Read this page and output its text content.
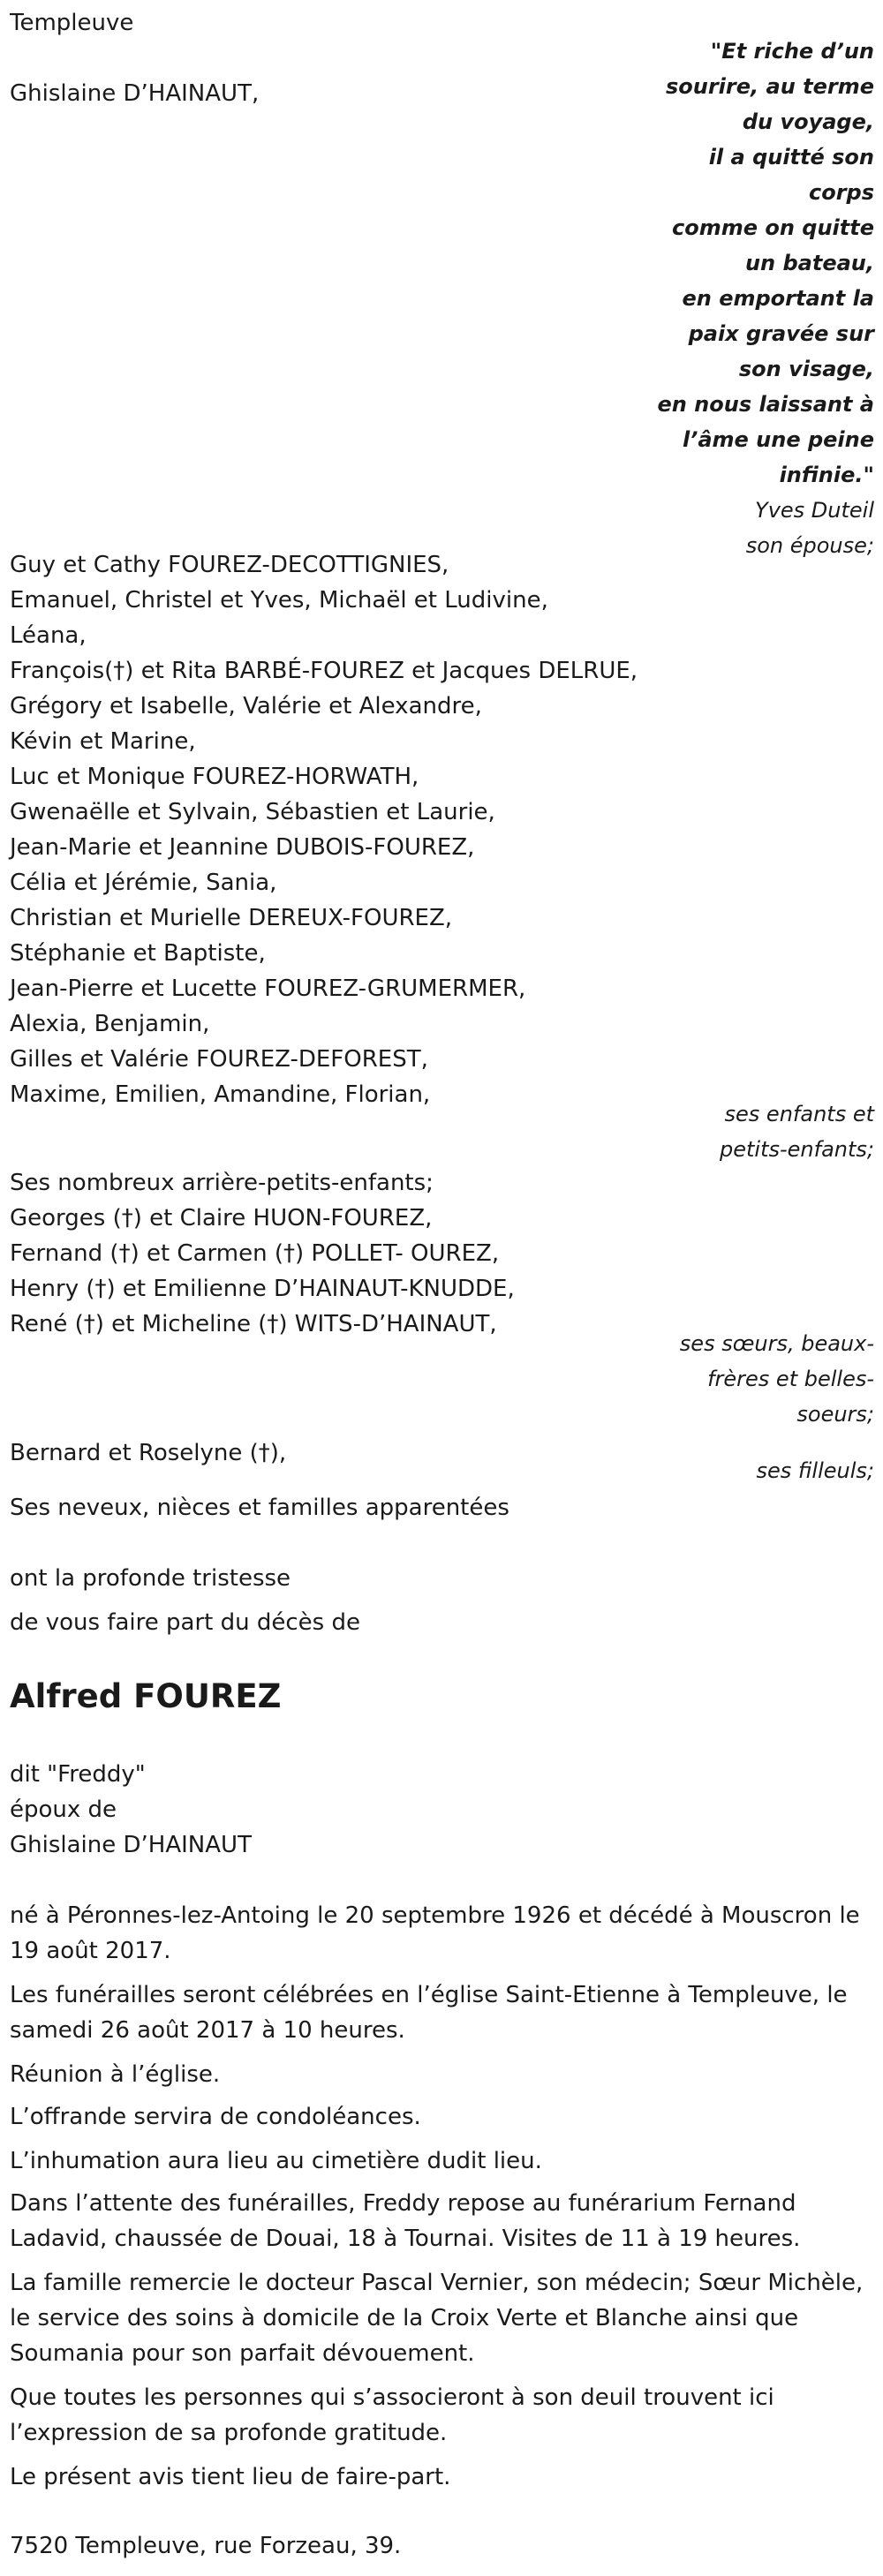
Templeuve
Ghislaine D’HAINAUT,
"Et riche d’un
sourire, au terme
du voyage,
il a quitté son
corps
comme on quitte
un bateau,
en emportant la
paix gravée sur
son visage,
en nous laissant à
l’âme une peine
infinie."
Yves Duteil
son épouse;
Guy et Cathy FOUREZ-DECOTTIGNIES,
Emanuel, Christel et Yves, Michaël et Ludivine,
Léana,
François(†) et Rita BARBÉ-FOUREZ et Jacques DELRUE,
Grégory et Isabelle, Valérie et Alexandre,
Kévin et Marine,
Luc et Monique FOUREZ-HORWATH,
Gwenaëlle et Sylvain, Sébastien et Laurie,
Jean-Marie et Jeannine DUBOIS-FOUREZ,
Célia et Jérémie, Sania,
Christian et Murielle DEREUX-FOUREZ,
Stéphanie et Baptiste,
Jean-Pierre et Lucette FOUREZ-GRUMERMER,
Alexia, Benjamin,
Gilles et Valérie FOUREZ-DEFOREST,
Maxime, Emilien, Amandine, Florian,
ses enfants et
petits-enfants;
Ses nombreux arrière-petits-enfants;
Georges (†) et Claire HUON-FOUREZ,
Fernand (†) et Carmen (†) POLLET- OUREZ,
Henry (†) et Emilienne D’HAINAUT-KNUDDE,
René (†) et Micheline (†) WITS-D’HAINAUT,
ses sœurs, beaux-
frères et belles-
soeurs;
Bernard et Roselyne (†),
ses filleuls;
Ses neveux, nièces et familles apparentées
ont la profonde tristesse
de vous faire part du décès de
Alfred FOUREZ
dit "Freddy"
époux de
Ghislaine D’HAINAUT
né à Péronnes-lez-Antoing le 20 septembre 1926 et décédé à Mouscron le 19 août 2017.
Les funérailles seront célébrées en l’église Saint-Etienne à Templeuve, le samedi 26 août 2017 à 10 heures.
Réunion à l’église.
L’offrande servira de condoléances.
L’inhumation aura lieu au cimetière dudit lieu.
Dans l’attente des funérailles, Freddy repose au funérarium Fernand Ladavid, chaussée de Douai, 18 à Tournai. Visites de 11 à 19 heures.
La famille remercie le docteur Pascal Vernier, son médecin; Sœur Michèle, le service des soins à domicile de la Croix Verte et Blanche ainsi que Soumania pour son parfait dévouement.
Que toutes les personnes qui s’associeront à son deuil trouvent ici l’expression de sa profonde gratitude.
Le présent avis tient lieu de faire-part.
7520 Templeuve, rue Forzeau, 39.
